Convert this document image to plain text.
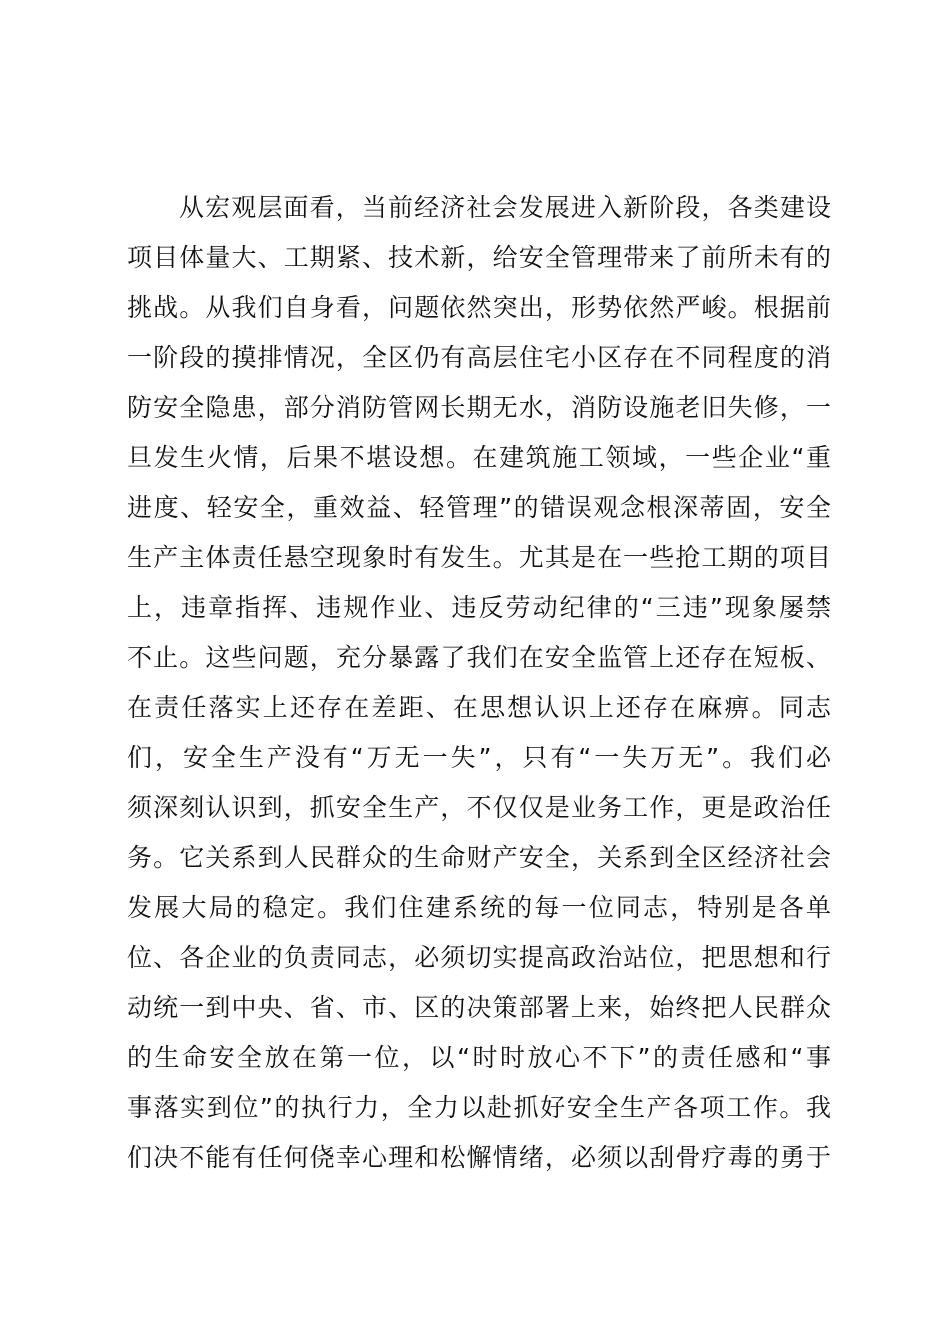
从宏观层面看，当前经济社会发展进入新阶段，各类建设
项目体量大、工期紧、技术新，给安全管理带来了前所未有的
挑战。从我们自身看，问题依然突出，形势依然严峻。根据前
一阶段的摸排情况，全区仍有高层住宅小区存在不同程度的消
防安全隐患，部分消防管网长期无水，消防设施老旧失修，一
旦发生火情，后果不堪设想。在建筑施工领域，一些企业“重
进度、轻安全，重效益、轻管理”的错误观念根深蒂固，安全
生产主体责任悬空现象时有发生。尤其是在一些抢工期的项目
上，违章指挥、违规作业、违反劳动纪律的“三违”现象屡禁
不止。这些问题，充分暴露了我们在安全监管上还存在短板、
在责任落实上还存在差距、在思想认识上还存在麻痹。同志
们，安全生产没有“万无一失”，只有“一失万无”。我们必
须深刻认识到，抓安全生产，不仅仅是业务工作，更是政治任
务。它关系到人民群众的生命财产安全，关系到全区经济社会
发展大局的稳定。我们住建系统的每一位同志，特别是各单
位、各企业的负责同志，必须切实提高政治站位，把思想和行
动统一到中央、省、市、区的决策部署上来，始终把人民群众
的生命安全放在第一位，以“时时放心不下”的责任感和“事
事落实到位”的执行力，全力以赴抓好安全生产各项工作。我
们决不能有任何侥幸心理和松懈情绪，必须以刮骨疗毒的勇于
